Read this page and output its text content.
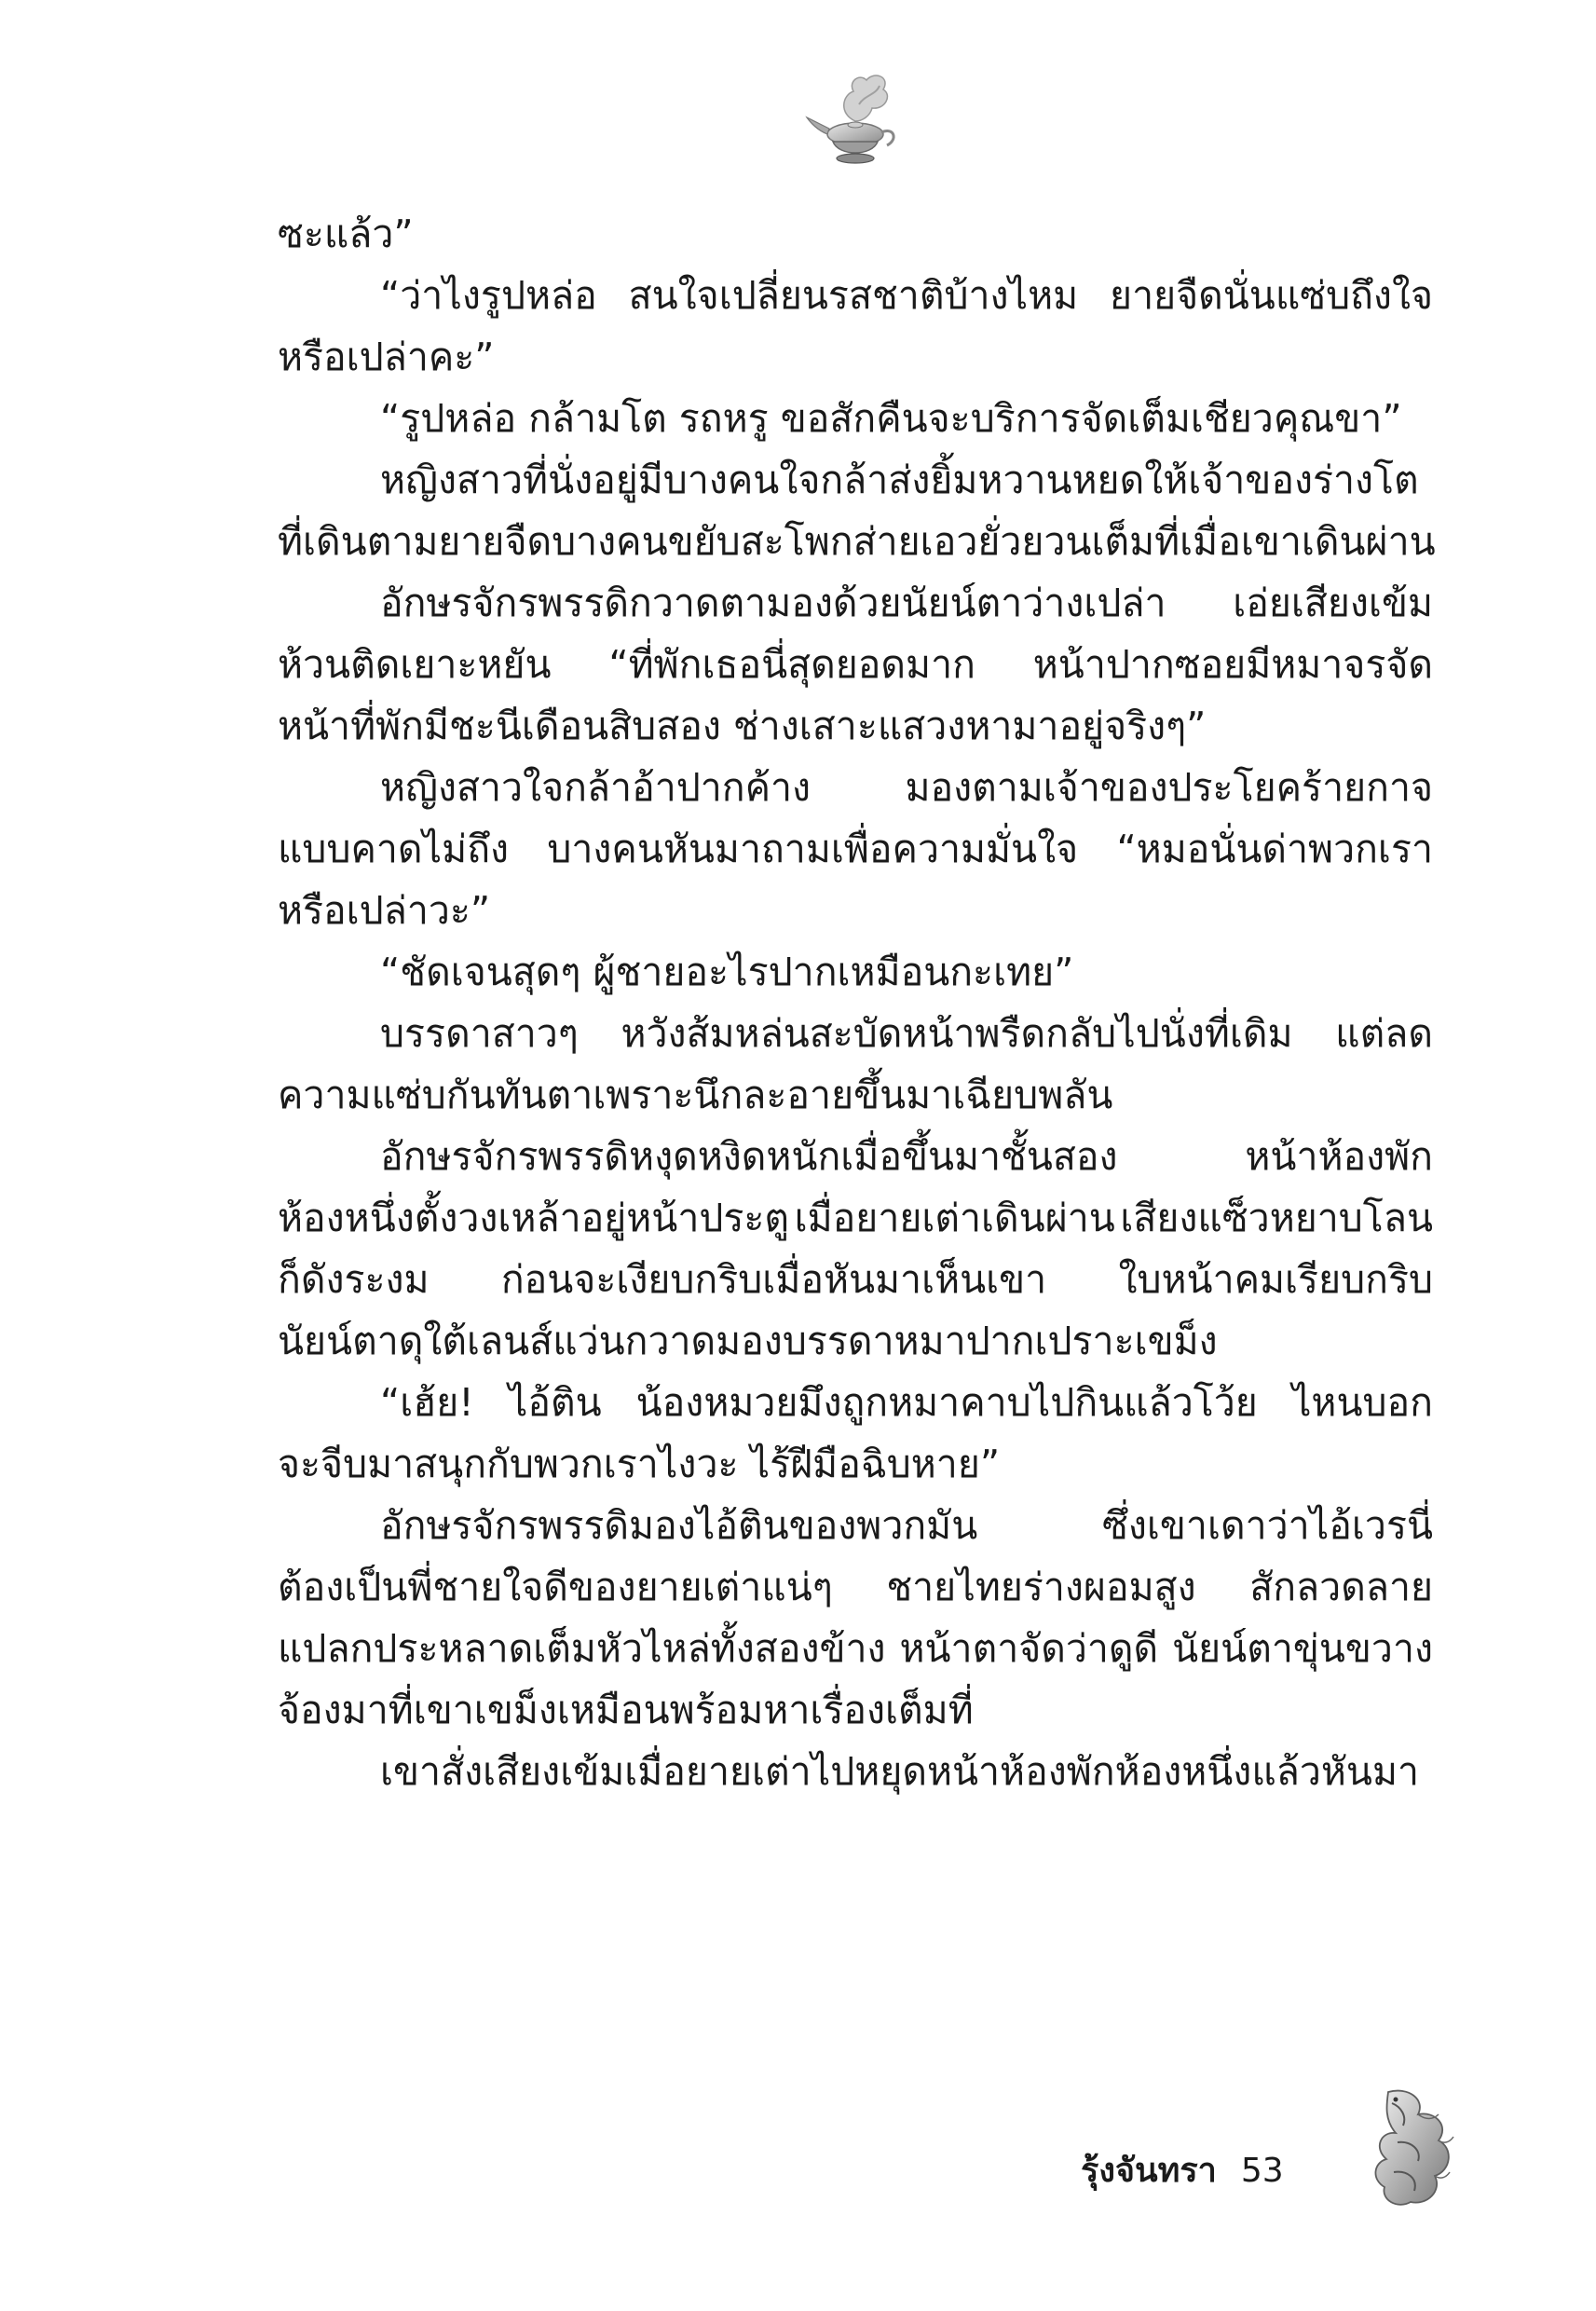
ซะแล้ว”
“ว่าไงรูปหล่อ สนใจเปลี่ยนรสชาติบ้างไหม ยายจืดนั่นแซ่บถึงใจ
หรือเปล่าคะ”
“รูปหล่อ กล้ามโต รถหรู ขอสักคืนจะบริการจัดเต็มเชียวคุณขา”
หญิงสาวที่นั่งอยู่มีบางคนใจกล้าส่งยิ้มหวานหยดให้เจ้าของร่างโต
ที่เดินตามยายจืด บางคนขยับสะโพกส่ายเอวยั่วยวนเต็มที่เมื่อเขาเดินผ่าน
อักษรจักรพรรดิกวาดตามองด้วยนัยน์ตาว่างเปล่า เอ่ยเสียงเข้ม
ห้วนติดเยาะหยัน “ที่พักเธอนี่สุดยอดมาก หน้าปากซอยมีหมาจรจัด
หน้าที่พักมีชะนีเดือนสิบสอง ช่างเสาะแสวงหามาอยู่จริงๆ”
หญิงสาวใจกล้าอ้าปากค้าง มองตามเจ้าของประโยคร้ายกาจ
แบบคาดไม่ถึง บางคนหันมาถามเพื่อความมั่นใจ “หมอนั่นด่าพวกเรา
หรือเปล่าวะ”
“ชัดเจนสุดๆ ผู้ชายอะไรปากเหมือนกะเทย”
บรรดาสาวๆ หวังส้มหล่นสะบัดหน้าพรืดกลับไปนั่งที่เดิม แต่ลด
ความแซ่บกันทันตาเพราะนึกละอายขึ้นมาเฉียบพลัน
อักษรจักรพรรดิหงุดหงิดหนักเมื่อขึ้นมาชั้นสอง	หน้าห้องพัก
ห้องหนึ่งตั้งวงเหล้าอยู่หน้าประตู เมื่อยายเต่าเดินผ่าน เสียงแซ็วหยาบโลน
ก็ดังระงม ก่อนจะเงียบกริบเมื่อหันมาเห็นเขา ใบหน้าคมเรียบกริบ
นัยน์ตาดุใต้เลนส์แว่นกวาดมองบรรดาหมาปากเปราะเขม็ง
“เฮ้ย! ไอ้ติน น้องหมวยมึงถูกหมาคาบไปกินแล้วโว้ย ไหนบอก
จะจีบมาสนุกกับพวกเราไงวะ ไร้ฝีมือฉิบหาย”
อักษรจักรพรรดิมองไอ้ตินของพวกมัน	ซึ่งเขาเดาว่าไอ้เวรนี่
ต้องเป็นพี่ชายใจดีของยายเต่าแน่ๆ ชายไทยร่างผอมสูง สักลวดลาย
แปลกประหลาดเต็มหัวไหล่ทั้งสองข้าง หน้าตาจัดว่าดูดี นัยน์ตาขุ่นขวาง
จ้องมาที่เขาเขม็งเหมือนพร้อมหาเรื่องเต็มที่
เขาสั่งเสียงเข้มเมื่อยายเต่าไปหยุดหน้าห้องพักห้องหนึ่งแล้วหันมา
รุ้งจันทรา 53
